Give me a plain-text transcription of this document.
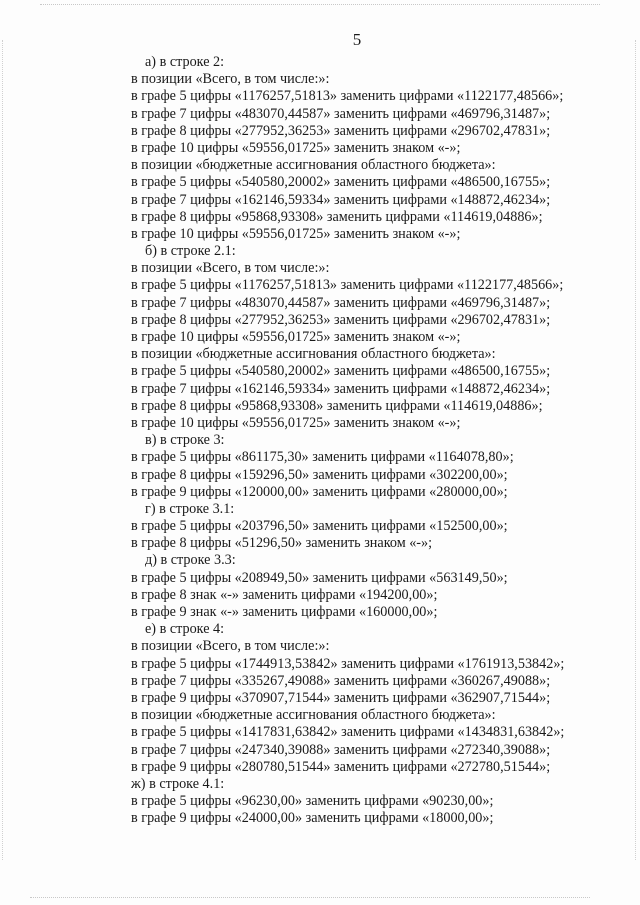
5
а) в строке 2:
в позиции «Всего, в том числе:»:
в графе 5 цифры «1176257,51813» заменить цифрами «1122177,48566»;
в графе 7 цифры «483070,44587» заменить цифрами «469796,31487»;
в графе 8 цифры «277952,36253» заменить цифрами «296702,47831»;
в графе 10 цифры «59556,01725» заменить знаком «-»;
в позиции «бюджетные ассигнования областного бюджета»:
в графе 5 цифры «540580,20002» заменить цифрами «486500,16755»;
в графе 7 цифры «162146,59334» заменить цифрами «148872,46234»;
в графе 8 цифры «95868,93308» заменить цифрами «114619,04886»;
в графе 10 цифры «59556,01725» заменить знаком «-»;
б) в строке 2.1:
в позиции «Всего, в том числе:»:
в графе 5 цифры «1176257,51813» заменить цифрами «1122177,48566»;
в графе 7 цифры «483070,44587» заменить цифрами «469796,31487»;
в графе 8 цифры «277952,36253» заменить цифрами «296702,47831»;
в графе 10 цифры «59556,01725» заменить знаком «-»;
в позиции «бюджетные ассигнования областного бюджета»:
в графе 5 цифры «540580,20002» заменить цифрами «486500,16755»;
в графе 7 цифры «162146,59334» заменить цифрами «148872,46234»;
в графе 8 цифры «95868,93308» заменить цифрами «114619,04886»;
в графе 10 цифры «59556,01725» заменить знаком «-»;
в) в строке 3:
в графе 5 цифры «861175,30» заменить цифрами «1164078,80»;
в графе 8 цифры «159296,50» заменить цифрами «302200,00»;
в графе 9 цифры «120000,00» заменить цифрами «280000,00»;
г) в строке 3.1:
в графе 5 цифры «203796,50» заменить цифрами «152500,00»;
в графе 8 цифры «51296,50» заменить знаком «-»;
д) в строке 3.3:
в графе 5 цифры «208949,50» заменить цифрами «563149,50»;
в графе 8 знак «-» заменить цифрами «194200,00»;
в графе 9 знак «-» заменить цифрами «160000,00»;
е) в строке 4:
в позиции «Всего, в том числе:»:
в графе 5 цифры «1744913,53842» заменить цифрами «1761913,53842»;
в графе 7 цифры «335267,49088» заменить цифрами «360267,49088»;
в графе 9 цифры «370907,71544» заменить цифрами «362907,71544»;
в позиции «бюджетные ассигнования областного бюджета»:
в графе 5 цифры «1417831,63842» заменить цифрами «1434831,63842»;
в графе 7 цифры «247340,39088» заменить цифрами «272340,39088»;
в графе 9 цифры «280780,51544» заменить цифрами «272780,51544»;
ж) в строке 4.1:
в графе 5 цифры «96230,00» заменить цифрами «90230,00»;
в графе 9 цифры «24000,00» заменить цифрами «18000,00»;
